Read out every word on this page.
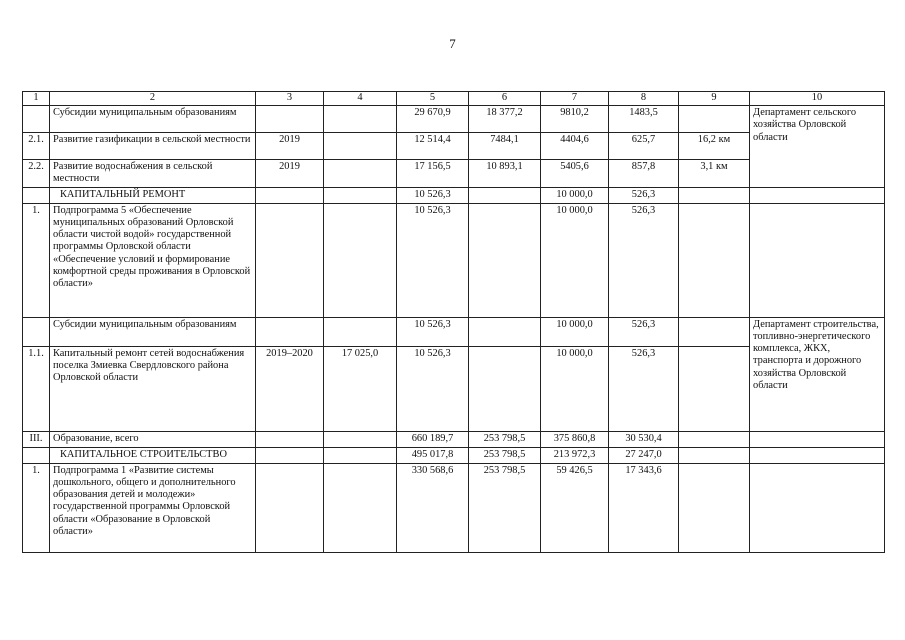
7
1	2	3	4	5	6	7	8	9	10
	Субсидии муниципальным образованиям			29 670,9	18 377,2	9810,2	1483,5		Департамент сельского хозяйства Орловской области
2.1.	Развитие газификации в сельской местности	2019		12 514,4	7484,1	4404,6	625,7	16,2 км	
2.2.	Развитие водоснабжения в сельской местности	2019		17 156,5	10 893,1	5405,6	857,8	3,1 км	
	КАПИТАЛЬНЫЙ РЕМОНТ			10 526,3		10 000,0	526,3		
1.	Подпрограмма 5 «Обеспечение муниципальных образований Орловской области чистой водой» государственной программы Орловской области «Обеспечение условий и формирование комфортной среды проживания в Орловской области»			10 526,3		10 000,0	526,3		
	Субсидии муниципальным образованиям			10 526,3		10 000,0	526,3		Департамент строительства, топливно-энергетического комплекса, ЖКХ, транспорта и дорожного хозяйства Орловской области
1.1.	Капитальный ремонт сетей водоснабжения поселка Змиевка Свердловского района Орловской области	2019–2020	17 025,0	10 526,3		10 000,0	526,3		
III.	Образование, всего			660 189,7	253 798,5	375 860,8	30 530,4		
	КАПИТАЛЬНОЕ СТРОИТЕЛЬСТВО			495 017,8	253 798,5	213 972,3	27 247,0		
1.	Подпрограмма 1 «Развитие системы дошкольного, общего и дополнительного образования детей и молодежи» государственной программы Орловской области «Образование в Орловской области»			330 568,6	253 798,5	59 426,5	17 343,6		
